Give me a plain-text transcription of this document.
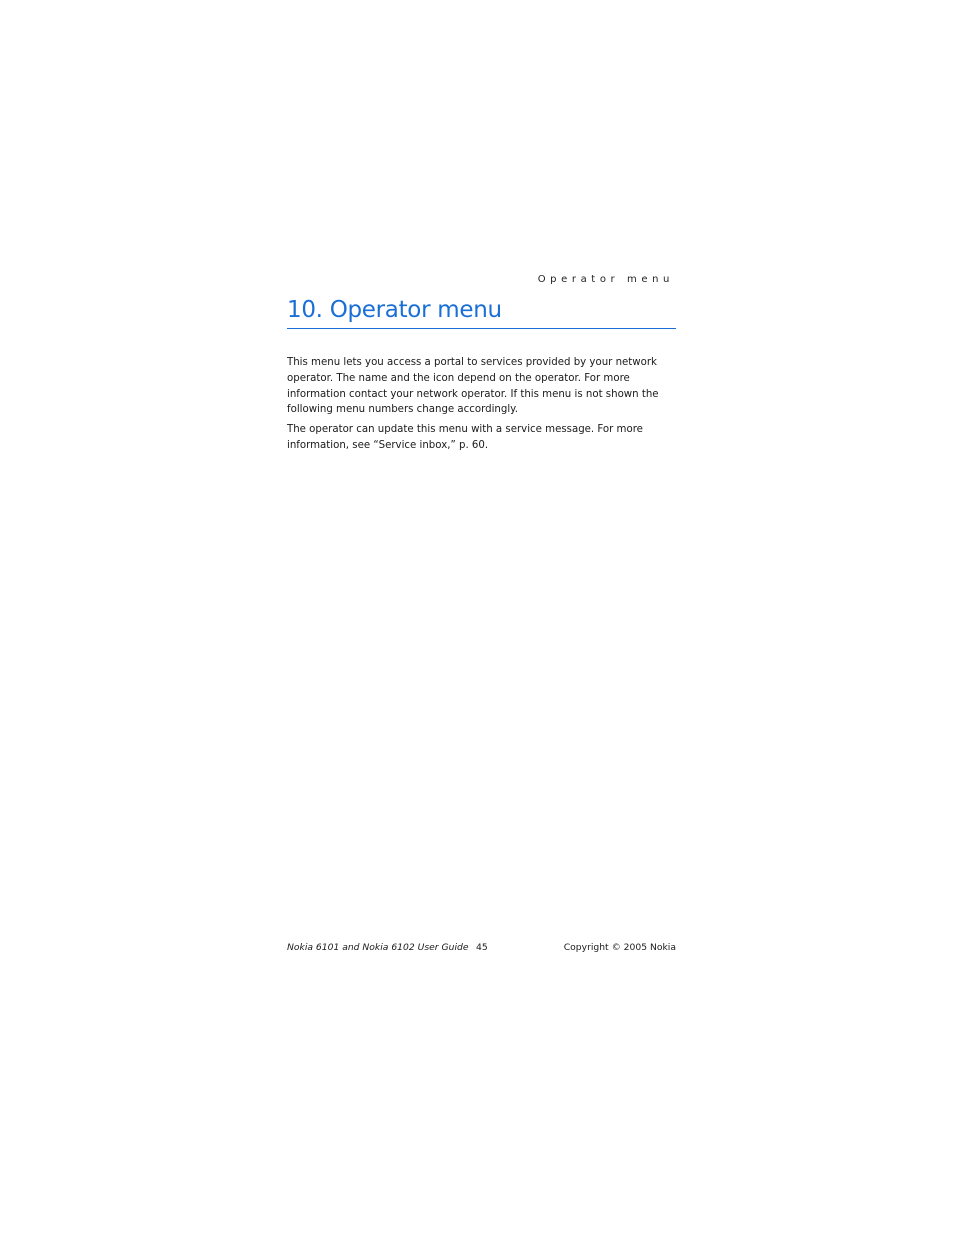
Operator menu
10. Operator menu

This menu lets you access a portal to services provided by your network operator. The name and the icon depend on the operator. For more information contact your network operator. If this menu is not shown the following menu numbers change accordingly.

The operator can update this menu with a service message. For more information, see “Service inbox,” p. 60.

Nokia 6101 and Nokia 6102 User Guide 45	Copyright © 2005 Nokia
